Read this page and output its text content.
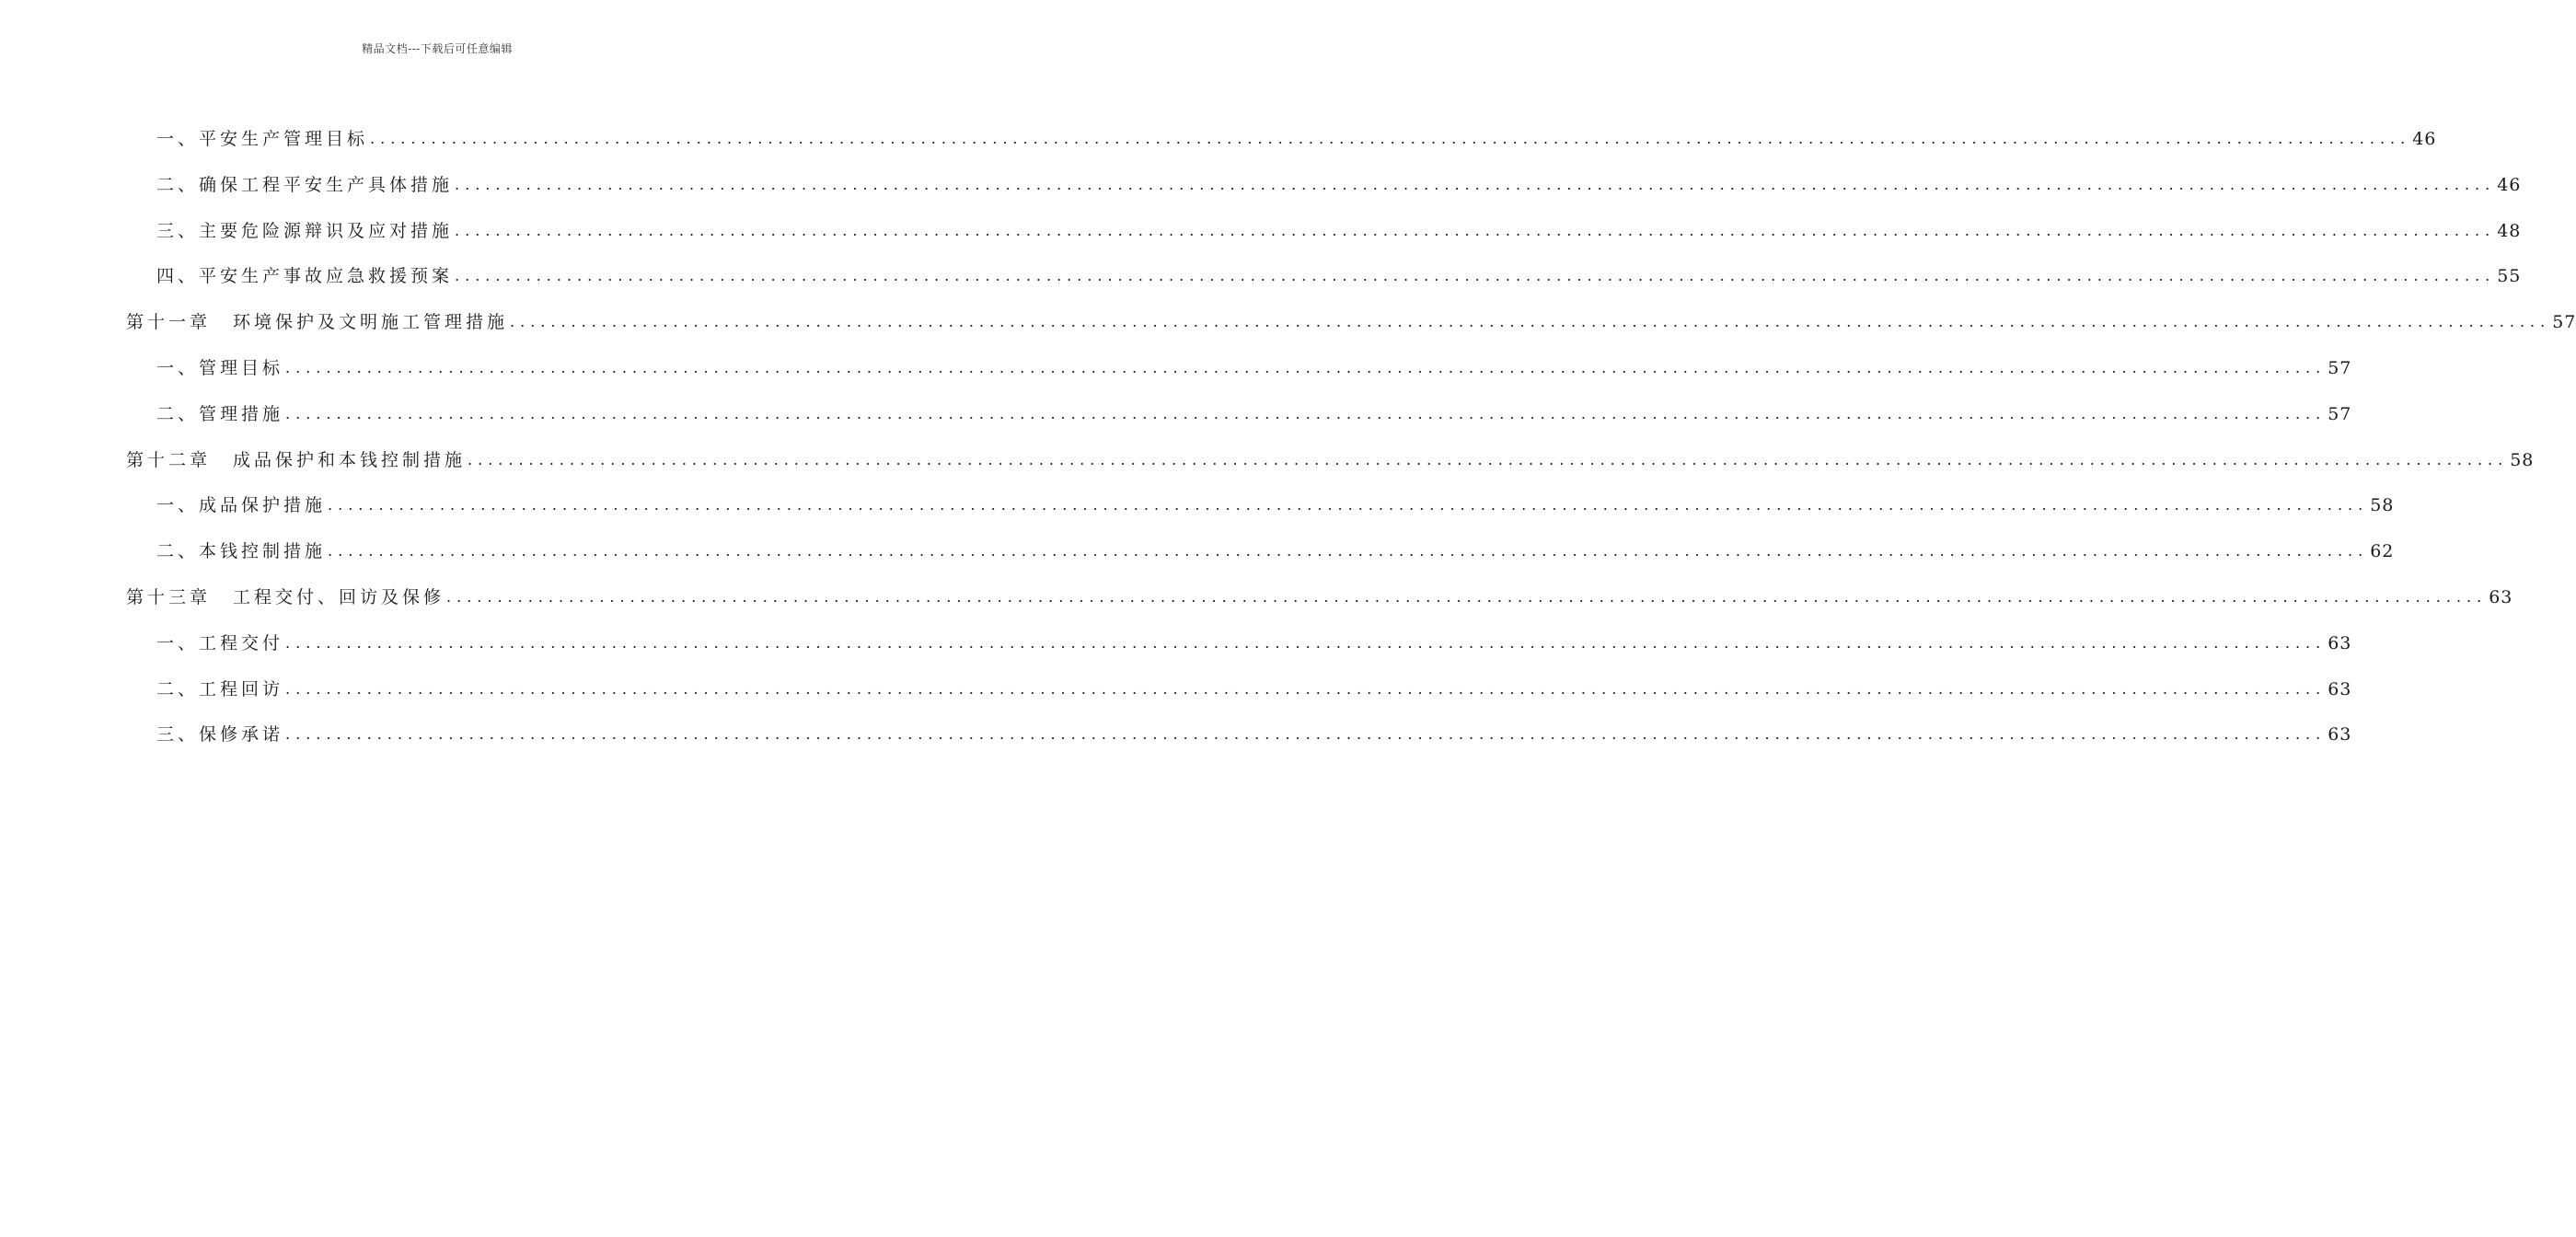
精品文档---下载后可任意编辑
一、平安生产管理目标 ........................................................................................................................................................................................................ 46
二、确保工程平安生产具体措施 ........................................................................................................................................................................................................ 46
三、主要危险源辩识及应对措施 ........................................................................................................................................................................................................ 48
四、平安生产事故应急救援预案 ........................................................................................................................................................................................................ 55
第十一章 环境保护及文明施工管理措施 ........................................................................................................................................................................................................ 57
一、管理目标 ........................................................................................................................................................................................................ 57
二、管理措施 ........................................................................................................................................................................................................ 57
第十二章 成品保护和本钱控制措施 ........................................................................................................................................................................................................ 58
一、成品保护措施 ........................................................................................................................................................................................................ 58
二、本钱控制措施 ........................................................................................................................................................................................................ 62
第十三章 工程交付、回访及保修 ........................................................................................................................................................................................................ 63
一、工程交付 ........................................................................................................................................................................................................ 63
二、工程回访 ........................................................................................................................................................................................................ 63
三、保修承诺 ........................................................................................................................................................................................................ 63
